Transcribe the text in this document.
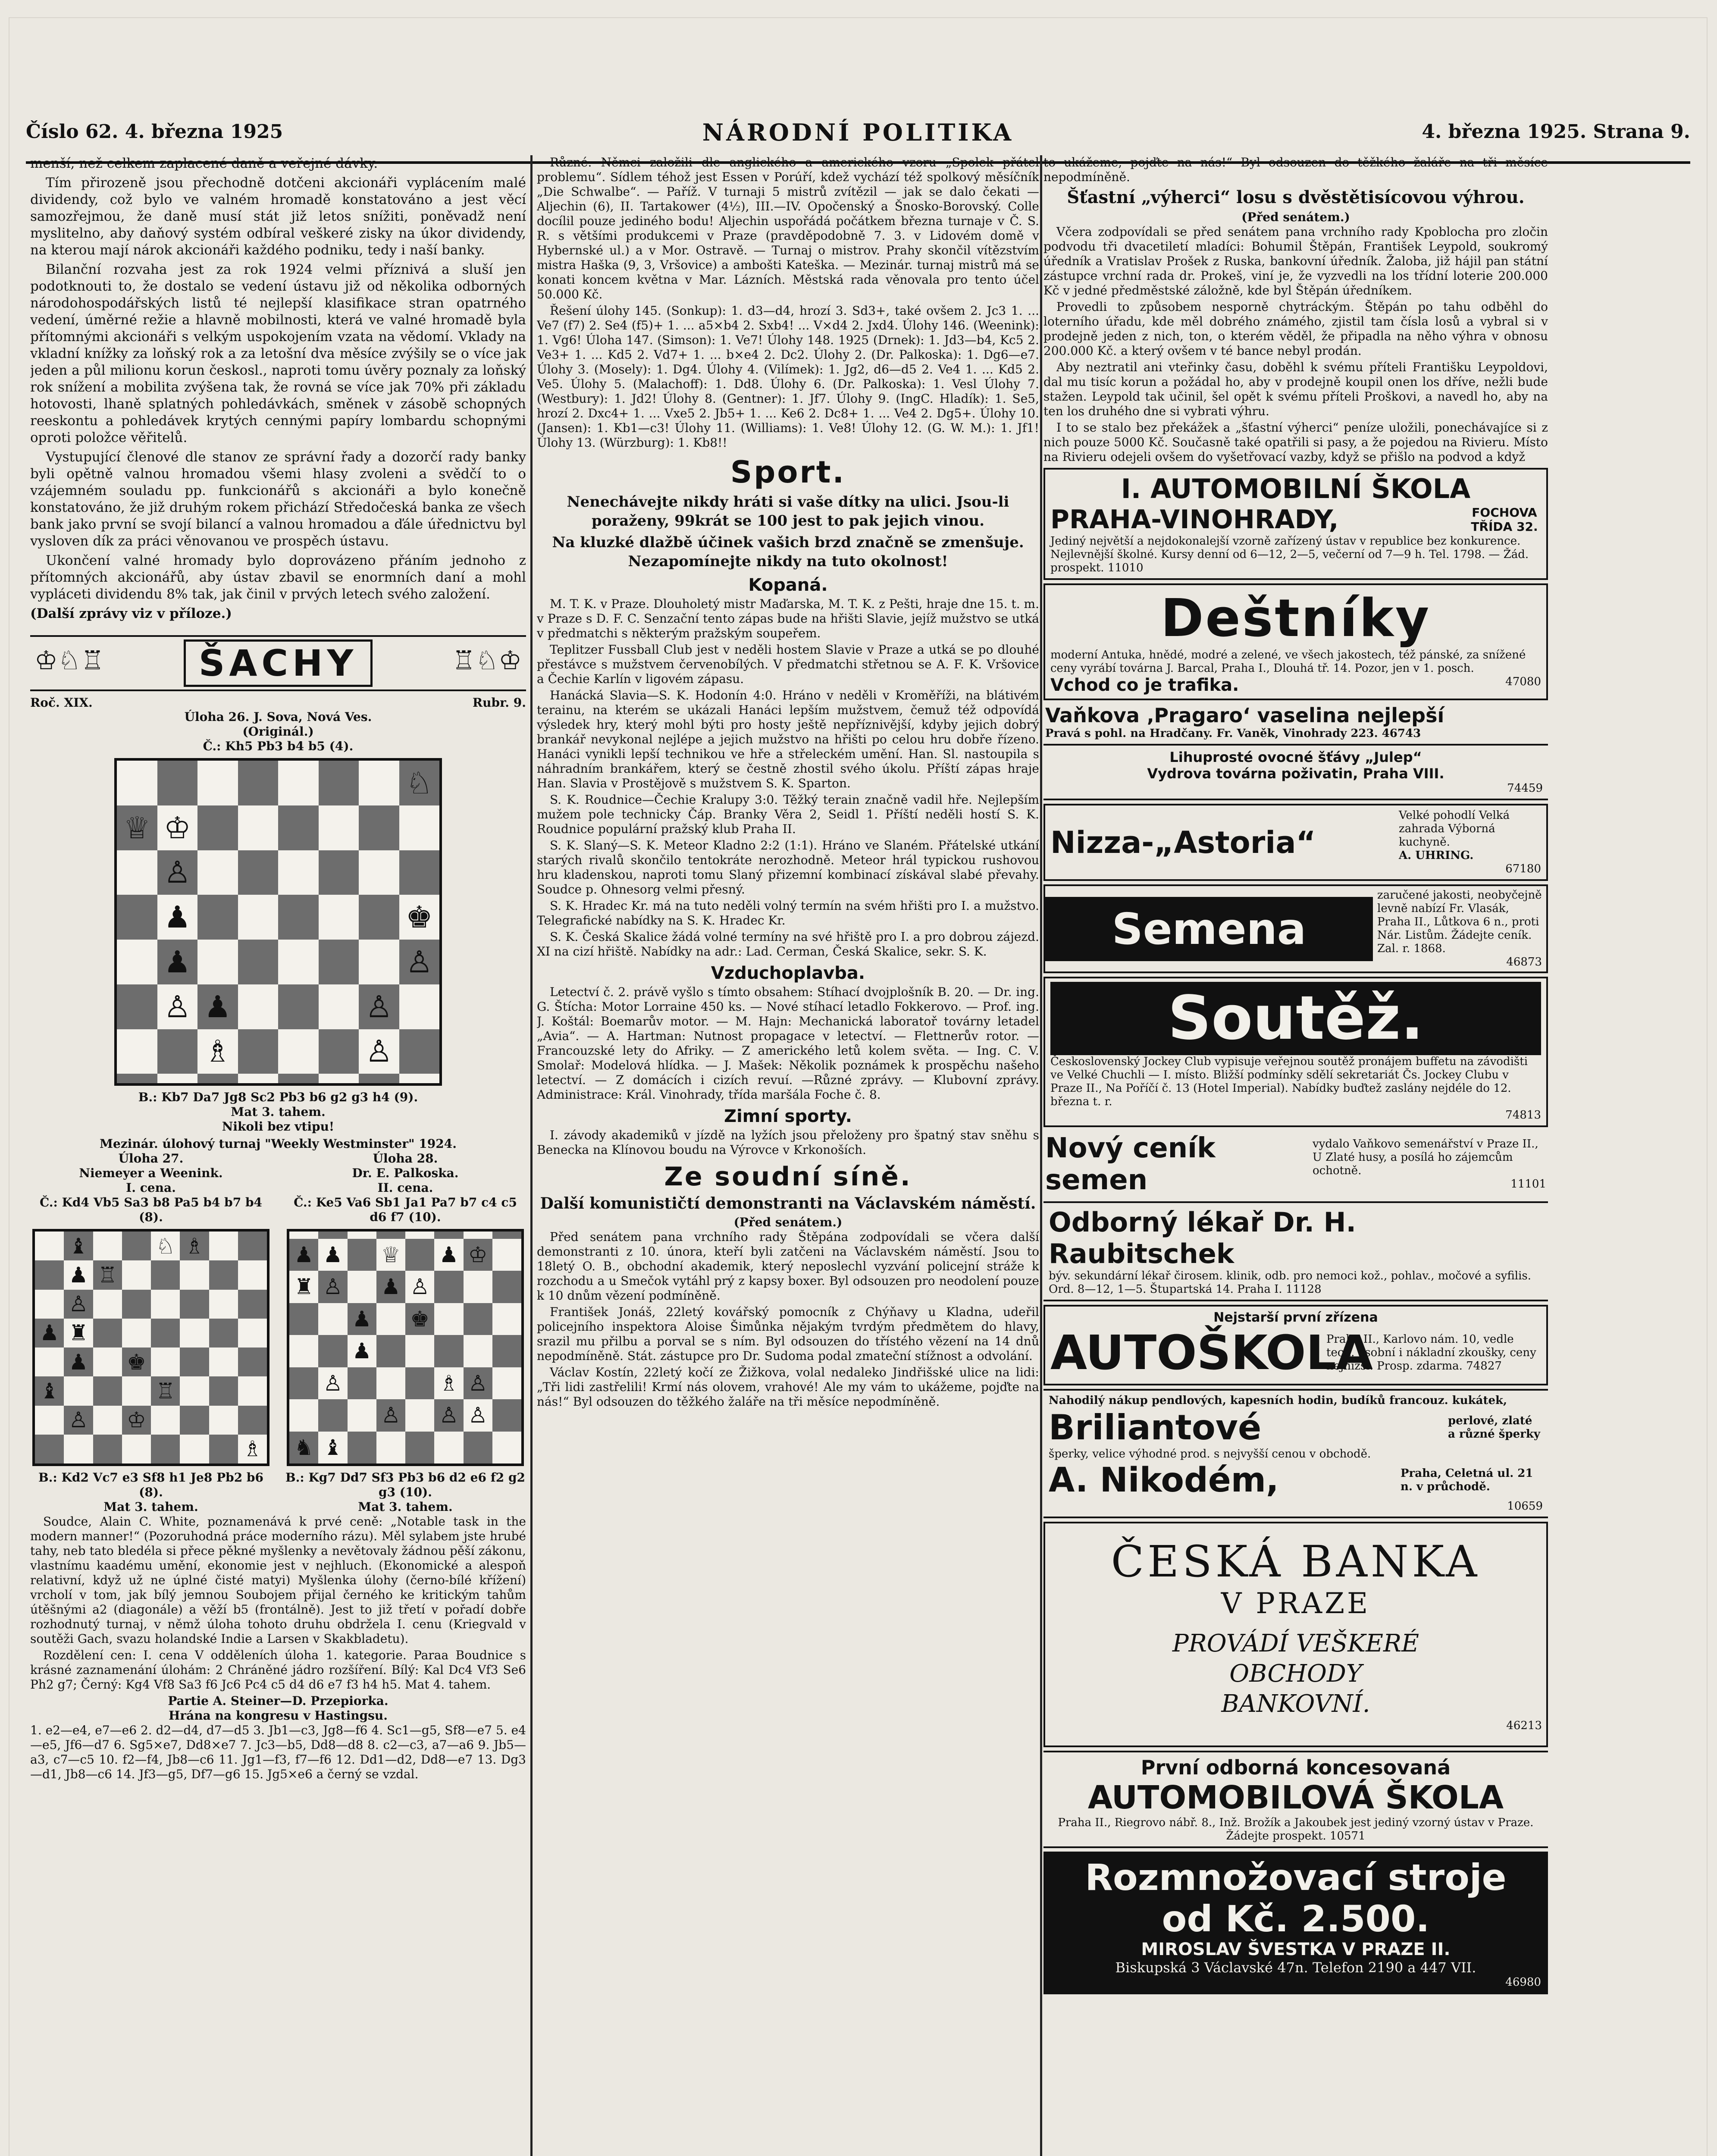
Číslo 62. 4. března 1925	NÁRODNÍ POLITIKA	4. března 1925. Strana 9.

menší, než celkem zaplacené daně a veřejné dávky.

Tím přirozeně jsou přechodně dotčeni akcionáři vyplácením malé dividendy, což bylo ve valném hromadě konstatováno a jest věcí samozřejmou, že daně musí stát již letos snížiti, poněvadž není myslitelno, aby daňový systém odbíral veškeré zisky na úkor dividendy, na kterou mají nárok akcionáři každého podniku, tedy i naší banky.

Bilanční rozvaha jest za rok 1924 velmi příznivá a sluší jen podotknouti to, že dostalo se vedení ústavu již od několika odborných národohospodářských listů té nejlepší klasifikace stran opatrného vedení, úměrné režie a hlavně mobilnosti, která ve valné hromadě byla přítomnými akcionáři s velkým uspokojením vzata na vědomí. Vklady na vkladní knížky za loňský rok a za letošní dva měsíce zvýšily se o více jak jeden a půl milionu korun českosl., naproti tomu úvěry poznaly za loňský rok snížení a mobilita zvýšena tak, že rovná se více jak 70% při základu hotovosti, lhaně splatných pohledávkách, směnek v zásobě schopných reeskontu a pohledávek krytých cennými papíry lombardu schopnými oproti položce věřitelů.

Vystupující členové dle stanov ze správní řady a dozorčí rady banky byli opětně valnou hromadou všemi hlasy zvoleni a svědčí to o vzájemném souladu pp. funkcionářů s akcionáři a bylo konečně konstatováno, že již druhým rokem přichází Středočeská banka ze všech bank jako první se svojí bilancí a valnou hromadou a ďále úřednictvu byl vysloven dík za práci věnovanou ve prospěch ústavu.

Ukončení valné hromady bylo doprovázeno přáním jednoho z přítomných akcionářů, aby ústav zbavil se enormních daní a mohl vypláceti dividendu 8% tak, jak činil v prvých letech svého založení.

(Další zprávy viz v příloze.)

♔♘♖	ŠACHY	♖♘♔
Roč. XIX.	Rubr. 9.

Úloha 26. J. Sova, Nová Ves.

(Originál.)

Č.: Kh5 Pb3 b4 b5 (4).

♘
♕ ♔
♙
♟	♚
♟	♙
♙ ♟	♙
♗	♙

B.: Kb7 Da7 Jg8 Sc2 Pb3 b6 g2 g3 h4 (9).

Mat 3. tahem.

Nikoli bez vtipu!

Mezinár. úlohový turnaj "Weekly Westminster" 1924.

Úloha 27.

Niemeyer a Weenink.

I. cena.

Č.: Kd4 Vb5 Sa3 b8 Pa5 b4 b7 b4 (8).

♝	♘ ♗
♟ ♖
♙
♟ ♜
♟ ♚
♝	♖
♙ ♔
♗

B.: Kd2 Vc7 e3 Sf8 h1 Je8 Pb2 b6 (8).

Mat 3. tahem.

Úloha 28.

Dr. E. Palkoska.

II. cena.

Č.: Ke5 Va6 Sb1 Ja1 Pa7 b7 c4 c5 d6 f7 (10).

♟ ♟ ♕ ♟ ♔
♜ ♙ ♟ ♙
♟ ♚
♟
♙	♗ ♙
♙ ♙ ♙
♞ ♝

B.: Kg7 Dd7 Sf3 Pb3 b6 d2 e6 f2 g2 g3 (10).

Mat 3. tahem.

Soudce, Alain C. White, poznamenává k prvé ceně: „Notable task in the modern manner!“ (Pozoruhodná práce moderního rázu). Měl sylabem jste hrubé tahy, neb tato bledéla si přece pěkné myšlenky a nevětovaly žádnou pěší zákonu, vlastnímu kaadému umění, ekonomie jest v nejhluch. (Ekonomické a alespoň relativní, když už ne úplné čisté matyi) Myšlenka úlohy (černo-bílé křížení) vrcholí v tom, jak bílý jemnou Soubojem přijal černého ke kritickým tahům útěšnými a2 (diagonále) a věží b5 (frontálně). Jest to již třetí v pořadí dobře rozhodnutý turnaj, v němž úloha tohoto druhu obdržela I. cenu (Kriegvald v soutěži Gach, svazu holandské Indie a Larsen v Skakbladetu).

Rozdělení cen: I. cena V odděleních úloha 1. kategorie. Paraa Boudnice s krásné zaznamenání úlohám: 2 Chráněné jádro rozšíření. Bílý: Kal Dc4 Vf3 Se6 Ph2 g7; Černý: Kg4 Vf8 Sa3 f6 Jc6 Pc4 c5 d4 d6 e7 f3 h4 h5. Mat 4. tahem.

Partie A. Steiner—D. Przepiorka.

Hrána na kongresu v Hastingsu.

1. e2—e4, e7—e6 2. d2—d4, d7—d5 3. Jb1—c3, Jg8—f6 4. Sc1—g5, Sf8—e7 5. e4—e5, Jf6—d7 6. Sg5×e7, Dd8×e7 7. Jc3—b5, Dd8—d8 8. c2—c3, a7—a6 9. Jb5—a3, c7—c5 10. f2—f4, Jb8—c6 11. Jg1—f3, f7—f6 12. Dd1—d2, Dd8—e7 13. Dg3—d1, Jb8—c6 14. Jf3—g5, Df7—g6 15. Jg5×e6 a černý se vzdal.

Různé. Němci založili dle anglického a amerického vzoru „Spolek přátel problemu“. Sídlem téhož jest Essen v Porúří, kdež vychází též spolkový měsíčník „Die Schwalbe“. — Paříž. V turnaji 5 mistrů zvítězil — jak se dalo čekati — Aljechin (6), II. Tartakower (4½), III.—IV. Opočenský a Šnosko-Borovský. Colle docílil pouze jediného bodu! Aljechin uspořádá počátkem března turnaje v Č. S. R. s většími produkcemi v Praze (pravděpodobně 7. 3. v Lidovém domě v Hybernské ul.) a v Mor. Ostravě. — Turnaj o mistrov. Prahy skončil vítězstvím mistra Haška (9, 3, Vršovice) a ambošti Kateška. — Mezinár. turnaj mistrů má se konati koncem května v Mar. Lázních. Městská rada věnovala pro tento účel 50.000 Kč.

Řešení úlohy 145. (Sonkup): 1. d3—d4, hrozí 3. Sd3+, také ovšem 2. Jc3 1. ... Ve7 (f7) 2. Se4 (f5)+ 1. ... a5×b4 2. Sxb4! ... V×d4 2. Jxd4. Úlohy 146. (Weenink): 1. Vg6! Úloha 147. (Simson): 1. Ve7! Úlohy 148. 1925 (Drnek): 1. Jd3—b4, Kc5 2. Ve3+ 1. ... Kd5 2. Vd7+ 1. ... b×e4 2. Dc2. Úlohy 2. (Dr. Palkoska): 1. Dg6—e7. Úlohy 3. (Mosely): 1. Dg4. Úlohy 4. (Vilímek): 1. Jg2, d6—d5 2. Ve4 1. ... Kd5 2. Ve5. Úlohy 5. (Malachoff): 1. Dd8. Úlohy 6. (Dr. Palkoska): 1. Vesl Úlohy 7. (Westbury): 1. Jd2! Úlohy 8. (Gentner): 1. Jf7. Úlohy 9. (IngC. Hladík): 1. Se5, hrozí 2. Dxc4+ 1. ... Vxe5 2. Jb5+ 1. ... Ke6 2. Dc8+ 1. ... Ve4 2. Dg5+. Úlohy 10. (Jansen): 1. Kb1—c3! Úlohy 11. (Williams): 1. Ve8! Úlohy 12. (G. W. M.): 1. Jf1! Úlohy 13. (Würzburg): 1. Kb8!!

Sport.

Nenechávejte nikdy hráti si vaše dítky na ulici. Jsou-li poraženy, 99krát se 100 jest to pak jejich vinou.

Na kluzké dlažbě účinek vašich brzd značně se zmenšuje. Nezapomínejte nikdy na tuto okolnost!

Kopaná.

M. T. K. v Praze. Dlouholetý mistr Maďarska, M. T. K. z Pešti, hraje dne 15. t. m. v Praze s D. F. C. Senzační tento zápas bude na hřišti Slavie, jejíž mužstvo se utká v předmatchi s některým pražským soupeřem.

Teplitzer Fussball Club jest v neděli hostem Slavie v Praze a utká se po dlouhé přestávce s mužstvem červenobílých. V předmatchi střetnou se A. F. K. Vršovice a Čechie Karlín v ligovém zápasu.

Hanácká Slavia—S. K. Hodonín 4:0. Hráno v neděli v Kroměříži, na blátivém terainu, na kterém se ukázali Hanáci lepším mužstvem, čemuž též odpovídá výsledek hry, který mohl býti pro hosty ještě nepříznivější, kdyby jejich dobrý brankář nevykonal nejlépe a jejich mužstvo na hřišti po celou hru dobře řízeno. Hanáci vynikli lepší technikou ve hře a střeleckém umění. Han. Sl. nastoupila s náhradním brankářem, který se čestně zhostil svého úkolu. Příští zápas hraje Han. Slavia v Prostějově s mužstvem S. K. Sparton.

S. K. Roudnice—Čechie Kralupy 3:0. Těžký terain značně vadil hře. Nejlepším mužem pole technicky Čáp. Branky Věra 2, Seidl 1. Příští neděli hostí S. K. Roudnice populární pražský klub Praha II.

S. K. Slaný—S. K. Meteor Kladno 2:2 (1:1). Hráno ve Slaném. Přátelské utkání starých rivalů skončilo tentokráte nerozhodně. Meteor hrál typickou rushovou hru kladenskou, naproti tomu Slaný přizemní kombinací získával slabé převahy. Soudce p. Ohnesorg velmi přesný.

S. K. Hradec Kr. má na tuto neděli volný termín na svém hřišti pro I. a mužstvo. Telegrafické nabídky na S. K. Hradec Kr.

S. K. Česká Skalice žádá volné termíny na své hřiště pro I. a pro dobrou zájezd. XI na cizí hřiště. Nabídky na adr.: Lad. Cerman, Česká Skalice, sekr. S. K.

Vzduchoplavba.

Letectví č. 2. právě vyšlo s tímto obsahem: Stíhací dvojplošník B. 20. — Dr. ing. G. Štícha: Motor Lorraine 450 ks. — Nové stíhací letadlo Fokkerovo. — Prof. ing. J. Koštál: Boemarův motor. — M. Hajn: Mechanická laboratoř továrny letadel „Avia“. — A. Hartman: Nutnost propagace v letectví. — Flettnerův rotor. — Francouzské lety do Afriky. — Z amerického letů kolem světa. — Ing. C. V. Smolař: Modelová hlídka. — J. Mašek: Několik poznámek k prospěchu našeho letectví. — Z domácích i cizích revuí. —Různé zprávy. — Klubovní zprávy. Administrace: Král. Vinohrady, třída maršála Foche č. 8.

Zimní sporty.

I. závody akademiků v jízdě na lyžích jsou přeloženy pro špatný stav sněhu s Benecka na Klínovou boudu na Výrovce v Krkonoších.

Ze soudní síně.

Další komunističtí demonstranti na Václavském náměstí.

(Před senátem.)

Před senátem pana vrchního rady Štěpána zodpovídali se včera další demonstranti z 10. února, kteří byli zatčeni na Václavském náměstí. Jsou to 18letý O. B., obchodní akademik, který neposlechl vyzvání policejní stráže k rozchodu a u Smečok vytáhl prý z kapsy boxer. Byl odsouzen pro neodolení pouze k 10 dnům vězení podmíněně.

František Jonáš, 22letý kovářský pomocník z Chýňavy u Kladna, udeřil policejního inspektora Aloise Šimůnka nějakým tvrdým předmětem do hlavy, srazil mu přilbu a porval se s ním. Byl odsouzen do třístého vězení na 14 dnů nepodmíněně. Stát. zástupce pro Dr. Sudoma podal zmateční stížnost a odvolání.

Václav Kostín, 22letý kočí ze Žižkova, volal nedaleko Jindřišské ulice na lidi: „Tři lidi zastřelili! Krmí nás olovem, vrahové! Ale my vám to ukážeme, pojďte na nás!“ Byl odsouzen do těžkého žaláře na tři měsíce nepodmíněně.

to ukážeme, pojďte na nás!“ Byl odsouzen do těžkého žaláře na tři měsíce nepodmíněně.

Šťastní „výherci“ losu s dvěstětisícovou výhrou.

(Před senátem.)

Včera zodpovídali se před senátem pana vrchního rady Kpoblocha pro zločin podvodu tři dvacetiletí mladíci: Bohumil Štěpán, František Leypold, soukromý úředník a Vratislav Prošek z Ruska, bankovní úředník. Žaloba, již hájil pan státní zástupce vrchní rada dr. Prokeš, viní je, že vyzvedli na los třídní loterie 200.000 Kč v jedné předměstské záložně, kde byl Štěpán úředníkem.

Provedli to způsobem nesporně chytráckým. Štěpán po tahu odběhl do loterního úřadu, kde měl dobrého známého, zjistil tam čísla losů a vybral si v prodejně jeden z nich, ton, o kterém věděl, že připadla na něho výhra v obnosu 200.000 Kč. a který ovšem v té bance nebyl prodán.

Aby neztratil ani vteřinky času, doběhl k svému příteli Františku Leypoldovi, dal mu tisíc korun a požádal ho, aby v prodejně koupil onen los dříve, nežli bude stažen. Leypold tak učinil, šel opět k svému příteli Proškovi, a navedl ho, aby na ten los druhého dne si vybrati výhru.

I to se stalo bez překážek a „šťastní výherci“ peníze uložili, ponechávajíce si z nich pouze 5000 Kč. Současně také opatřili si pasy, a že pojedou na Rivieru. Místo na Rivieru odejeli ovšem do vyšetřovací vazby, když se přišlo na podvod a když

I. AUTOMOBILNÍ ŠKOLA
PRAHA-VINOHRADY,	FOCHOVA TŘÍDA 32.
Jediný největší a nejdokonalejší vzorně zařízený ústav v republice bez konkurence. Nejlevnější školné. Kursy denní od 6—12, 2—5, večerní od 7—9 h. Tel. 1798. — Žád. prospekt. 11010
Deštníky
moderní Antuka, hnědé, modré a zelené, ve všech jakostech, též pánské, za snížené ceny vyrábí továrna J. Barcal, Praha I., Dlouhá tř. 14. Pozor, jen v 1. posch.
Vchod co je trafika.	47080
Vaňkova ‚Pragaro‘ vaselina nejlepší
Pravá s pohl. na Hradčany. Fr. Vaněk, Vinohrady 223. 46743
Lihuprosté ovocné šťávy „Julep“
Vydrova továrna poživatin, Praha VIII.
74459
Nizza-„Astoria“
Velké pohodlí Velká zahrada Výborná kuchyně.
A. UHRING.
67180
Semena
zaručené jakosti, neobyčejně levně nabízí Fr. Vlasák, Praha II., Lůtkova 6 n., proti Nár. Listům. Žádejte ceník. Zal. r. 1868.
46873
Soutěž.
Československý Jockey Club vypisuje veřejnou soutěž pronájem buffetu na závodišti ve Velké Chuchli — I. místo. Bližší podmínky sdělí sekretariát Čs. Jockey Clubu v Praze II., Na Poříčí č. 13 (Hotel Imperial). Nabídky buďtež zaslány nejdéle do 12. března t. r.
74813
Nový ceník semen
vydalo Vaňkovo semenářství v Praze II., U Zlaté husy, a posílá ho zájemcům ochotně.
11101
Odborný lékař Dr. H. Raubitschek
býv. sekundární lékař čirosem. klinik, odb. pro nemoci kož., pohlav., močové a syfilis. Ord. 8—12, 1—5. Štupartská 14. Praha I. 11128
Nejstarší první zřízena
AUTOŠKOLA
Praha II., Karlovo nám. 10, vedle tech. osobní i nákladní zkoušky, ceny nejnižší. Prosp. zdarma. 74827
Nahodilý nákup pendlových, kapesních hodin, budíků francouz. kukátek,
Briliantové	perlové, zlaté a různé šperky
šperky, velice výhodné prod. s nejvyšší cenou v obchodě.
A. Nikodém,	Praha, Celetná ul. 21 n. v průchodě.
10659
ČESKÁ BANKA
V PRAZE
PROVÁDÍ VEŠKERÉ OBCHODY BANKOVNÍ.
46213
První odborná koncesovaná
AUTOMOBILOVÁ ŠKOLA
Praha II., Riegrovo nábř. 8., Inž. Brožík a Jakoubek jest jediný vzorný ústav v Praze. Žádejte prospekt. 10571
Rozmnožovací stroje
od Kč. 2.500.
MIROSLAV ŠVESTKA V PRAZE II.
Biskupská 3 Václavské 47n. Telefon 2190 a 447 VII.
46980
